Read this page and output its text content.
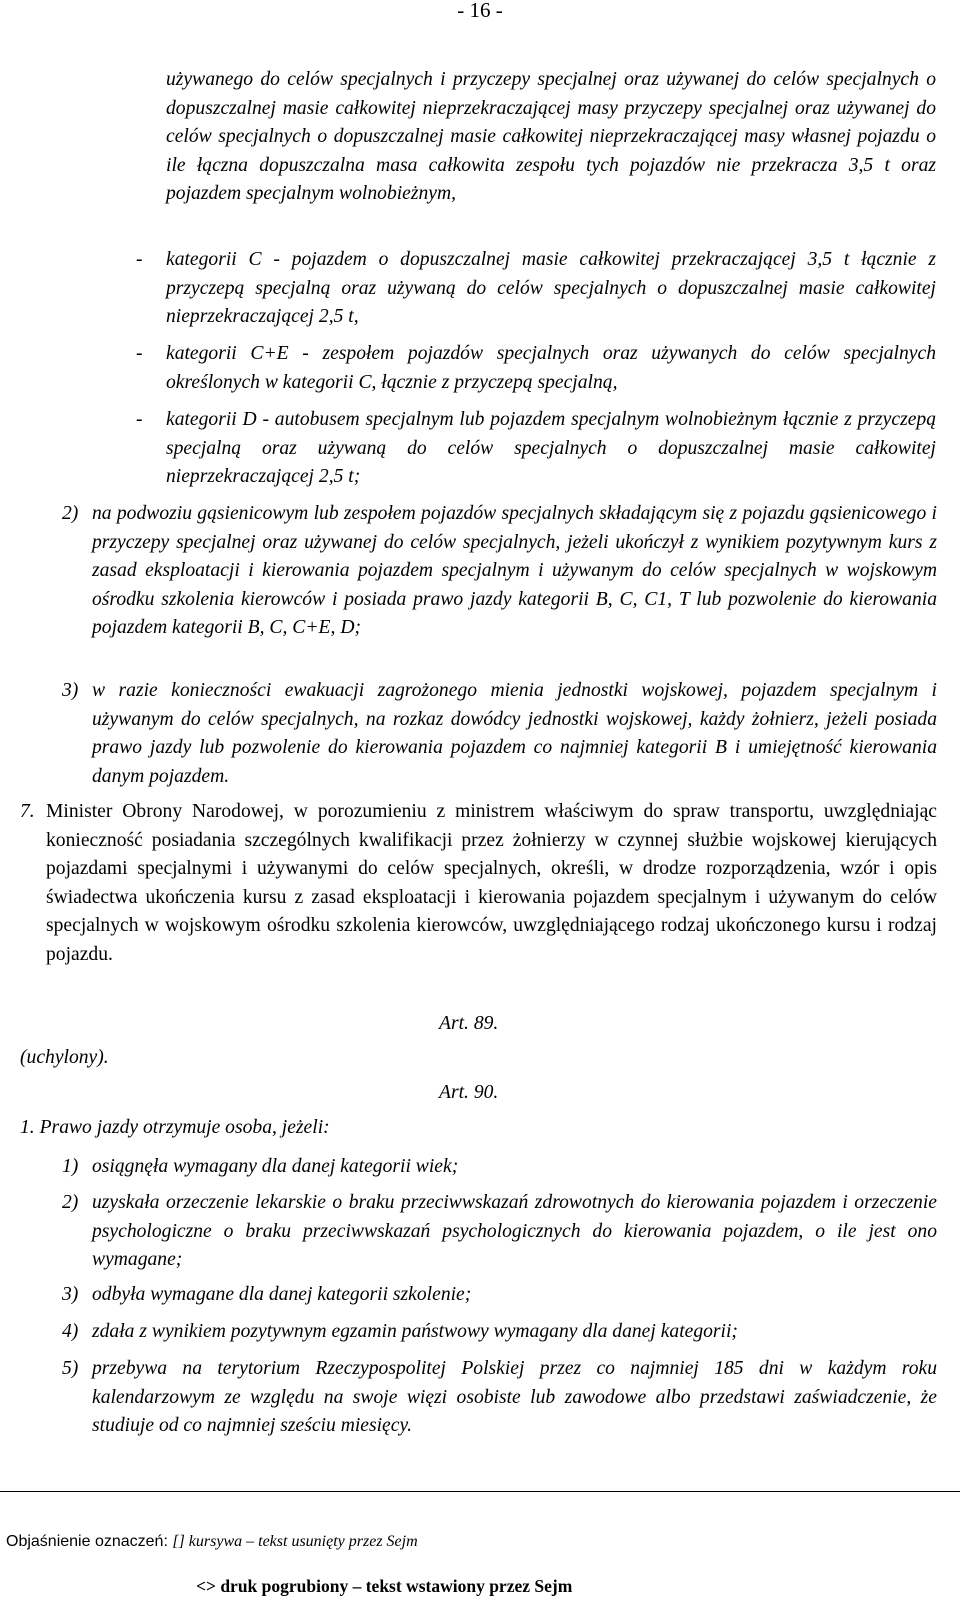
- 16 -
używanego do celów specjalnych i przyczepy specjalnej oraz używanej do celów specjalnych o dopuszczalnej masie całkowitej nieprzekraczającej masy przyczepy specjalnej oraz używanej do celów specjalnych o dopuszczalnej masie całkowitej nieprzekraczającej masy własnej pojazdu o ile łączna dopuszczalna masa całkowita zespołu tych pojazdów nie przekracza 3,5 t oraz pojazdem specjalnym wolnobieżnym,
- kategorii C - pojazdem o dopuszczalnej masie całkowitej przekraczającej 3,5 t łącznie z przyczepą specjalną oraz używaną do celów specjalnych o dopuszczalnej masie całkowitej nieprzekraczającej 2,5 t,
- kategorii C+E - zespołem pojazdów specjalnych oraz używanych do celów specjalnych określonych w kategorii C, łącznie z przyczepą specjalną,
- kategorii D - autobusem specjalnym lub pojazdem specjalnym wolnobieżnym łącznie z przyczepą specjalną oraz używaną do celów specjalnych o dopuszczalnej masie całkowitej nieprzekraczającej 2,5 t;
2) na podwoziu gąsienicowym lub zespołem pojazdów specjalnych składającym się z pojazdu gąsienicowego i przyczepy specjalnej oraz używanej do celów specjalnych, jeżeli ukończył z wynikiem pozytywnym kurs z zasad eksploatacji i kierowania pojazdem specjalnym i używanym do celów specjalnych w wojskowym ośrodku szkolenia kierowców i posiada prawo jazdy kategorii B, C, C1, T lub pozwolenie do kierowania pojazdem kategorii B, C, C+E, D;
3) w razie konieczności ewakuacji zagrożonego mienia jednostki wojskowej, pojazdem specjalnym i używanym do celów specjalnych, na rozkaz dowódcy jednostki wojskowej, każdy żołnierz, jeżeli posiada prawo jazdy lub pozwolenie do kierowania pojazdem co najmniej kategorii B i umiejętność kierowania danym pojazdem.
7. Minister Obrony Narodowej, w porozumieniu z ministrem właściwym do spraw transportu, uwzględniając konieczność posiadania szczególnych kwalifikacji przez żołnierzy w czynnej służbie wojskowej kierujących pojazdami specjalnymi i używanymi do celów specjalnych, określi, w drodze rozporządzenia, wzór i opis świadectwa ukończenia kursu z zasad eksploatacji i kierowania pojazdem specjalnym i używanym do celów specjalnych w wojskowym ośrodku szkolenia kierowców, uwzględniającego rodzaj ukończonego kursu i rodzaj pojazdu.
Art. 89.
(uchylony).
Art. 90.
1. Prawo jazdy otrzymuje osoba, jeżeli:
1) osiągnęła wymagany dla danej kategorii wiek;
2) uzyskała orzeczenie lekarskie o braku przeciwwskazań zdrowotnych do kierowania pojazdem i orzeczenie psychologiczne o braku przeciwwskazań psychologicznych do kierowania pojazdem, o ile jest ono wymagane;
3) odbyła wymagane dla danej kategorii szkolenie;
4) zdała z wynikiem pozytywnym egzamin państwowy wymagany dla danej kategorii;
5) przebywa na terytorium Rzeczypospolitej Polskiej przez co najmniej 185 dni w każdym roku kalendarzowym ze względu na swoje więzi osobiste lub zawodowe albo przedstawi zaświadczenie, że studiuje od co najmniej sześciu miesięcy.
Objaśnienie oznaczeń: [] kursywa – tekst usunięty przez Sejm
<> druk pogrubiony – tekst wstawiony przez Sejm
